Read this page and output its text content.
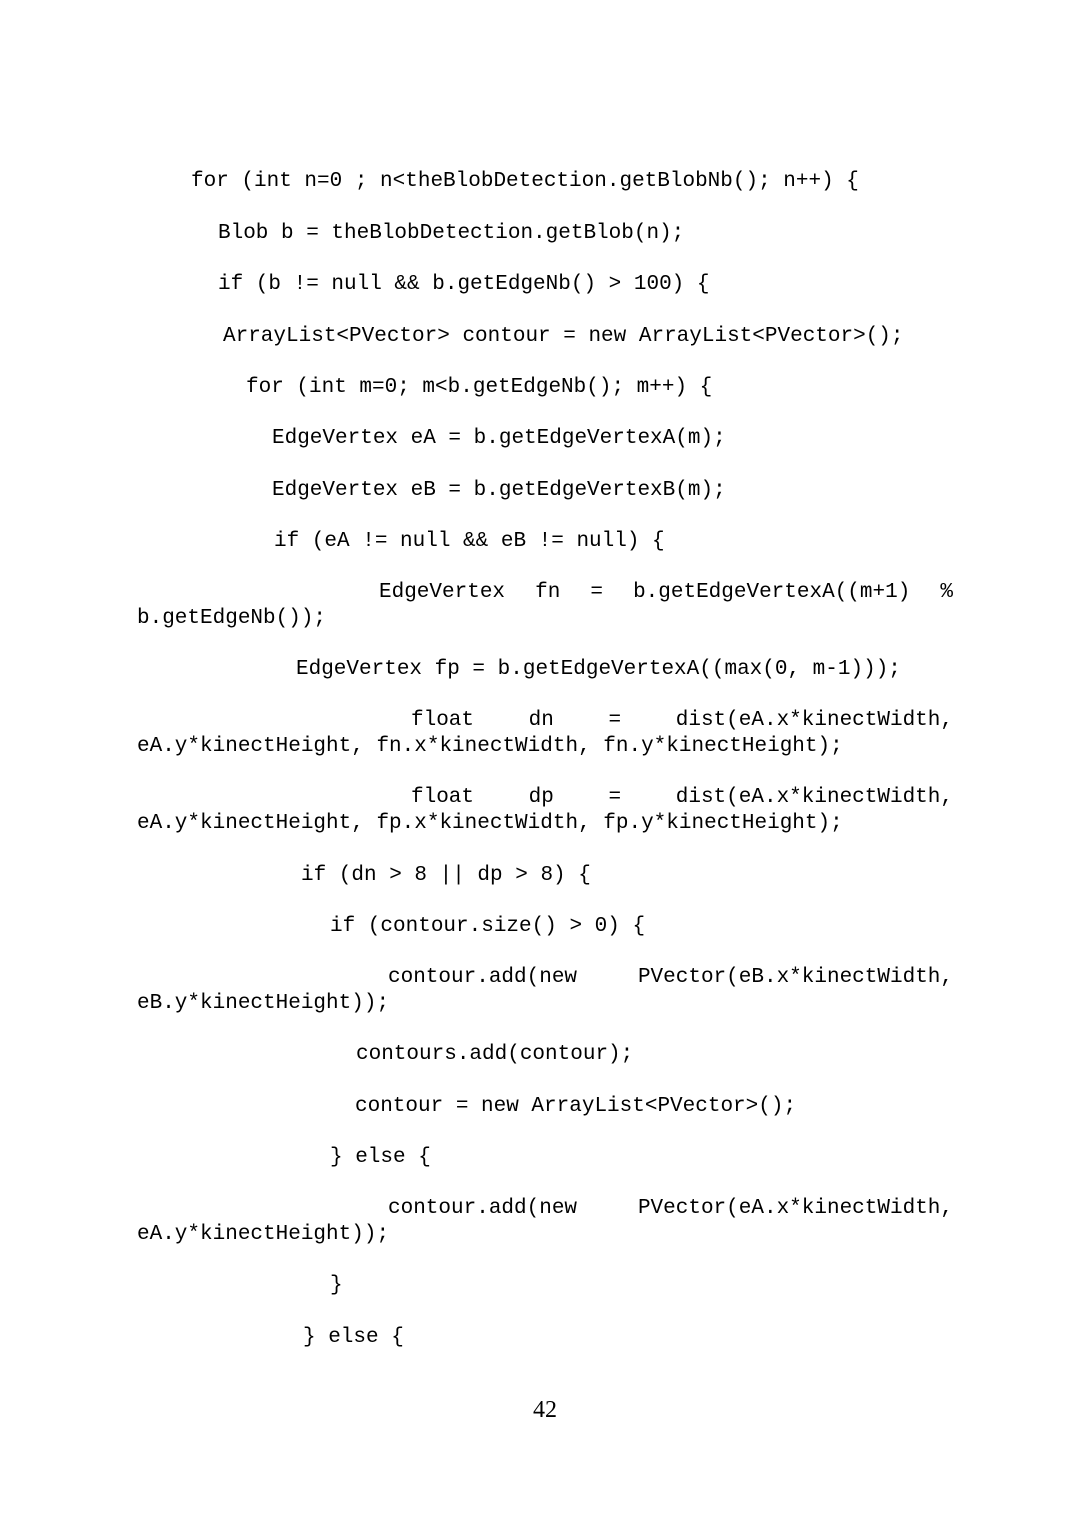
for (int n=0 ; n<theBlobDetection.getBlobNb(); n++) {
Blob b = theBlobDetection.getBlob(n);
if (b != null && b.getEdgeNb() > 100) {
ArrayList<PVector> contour = new ArrayList<PVector>();
for (int m=0; m<b.getEdgeNb(); m++) {
EdgeVertex eA = b.getEdgeVertexA(m);
EdgeVertex eB = b.getEdgeVertexB(m);
if (eA != null && eB != null) {
EdgeVertex fn = b.getEdgeVertexA((m+1) %
b.getEdgeNb());
EdgeVertex fp = b.getEdgeVertexA((max(0, m-1)));
float dn = dist(eA.x*kinectWidth,
eA.y*kinectHeight, fn.x*kinectWidth, fn.y*kinectHeight);
float dp = dist(eA.x*kinectWidth,
eA.y*kinectHeight, fp.x*kinectWidth, fp.y*kinectHeight);
if (dn > 8 || dp > 8) {
if (contour.size() > 0) {
contour.add(new PVector(eB.x*kinectWidth,
eB.y*kinectHeight));
contours.add(contour);
contour = new ArrayList<PVector>();
} else {
contour.add(new PVector(eA.x*kinectWidth,
eA.y*kinectHeight));
}
} else {
42
